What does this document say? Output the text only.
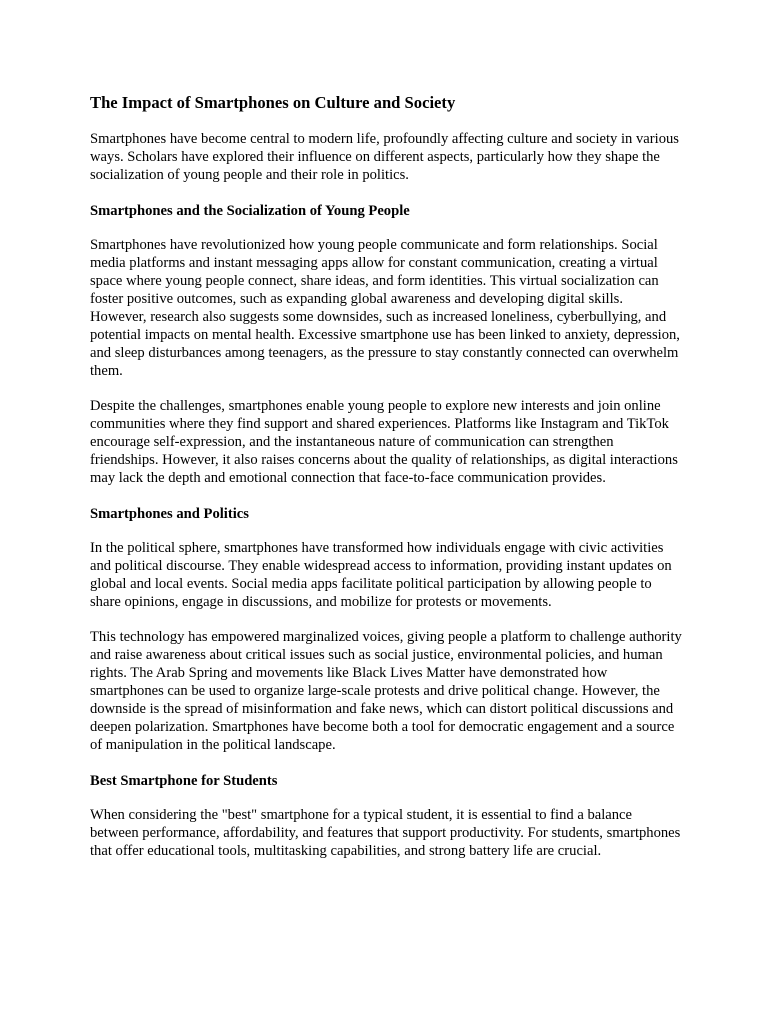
The Impact of Smartphones on Culture and Society

Smartphones have become central to modern life, profoundly affecting culture and society in various ways. Scholars have explored their influence on different aspects, particularly how they shape the socialization of young people and their role in politics.

Smartphones and the Socialization of Young People

Smartphones have revolutionized how young people communicate and form relationships. Social media platforms and instant messaging apps allow for constant communication, creating a virtual space where young people connect, share ideas, and form identities. This virtual socialization can foster positive outcomes, such as expanding global awareness and developing digital skills. However, research also suggests some downsides, such as increased loneliness, cyberbullying, and potential impacts on mental health. Excessive smartphone use has been linked to anxiety, depression, and sleep disturbances among teenagers, as the pressure to stay constantly connected can overwhelm them.

Despite the challenges, smartphones enable young people to explore new interests and join online communities where they find support and shared experiences. Platforms like Instagram and TikTok encourage self-expression, and the instantaneous nature of communication can strengthen friendships. However, it also raises concerns about the quality of relationships, as digital interactions may lack the depth and emotional connection that face-to-face communication provides.

Smartphones and Politics

In the political sphere, smartphones have transformed how individuals engage with civic activities and political discourse. They enable widespread access to information, providing instant updates on global and local events. Social media apps facilitate political participation by allowing people to share opinions, engage in discussions, and mobilize for protests or movements.

This technology has empowered marginalized voices, giving people a platform to challenge authority and raise awareness about critical issues such as social justice, environmental policies, and human rights. The Arab Spring and movements like Black Lives Matter have demonstrated how smartphones can be used to organize large-scale protests and drive political change. However, the downside is the spread of misinformation and fake news, which can distort political discussions and deepen polarization. Smartphones have become both a tool for democratic engagement and a source of manipulation in the political landscape.

Best Smartphone for Students

When considering the "best" smartphone for a typical student, it is essential to find a balance between performance, affordability, and features that support productivity. For students, smartphones that offer educational tools, multitasking capabilities, and strong battery life are crucial.
